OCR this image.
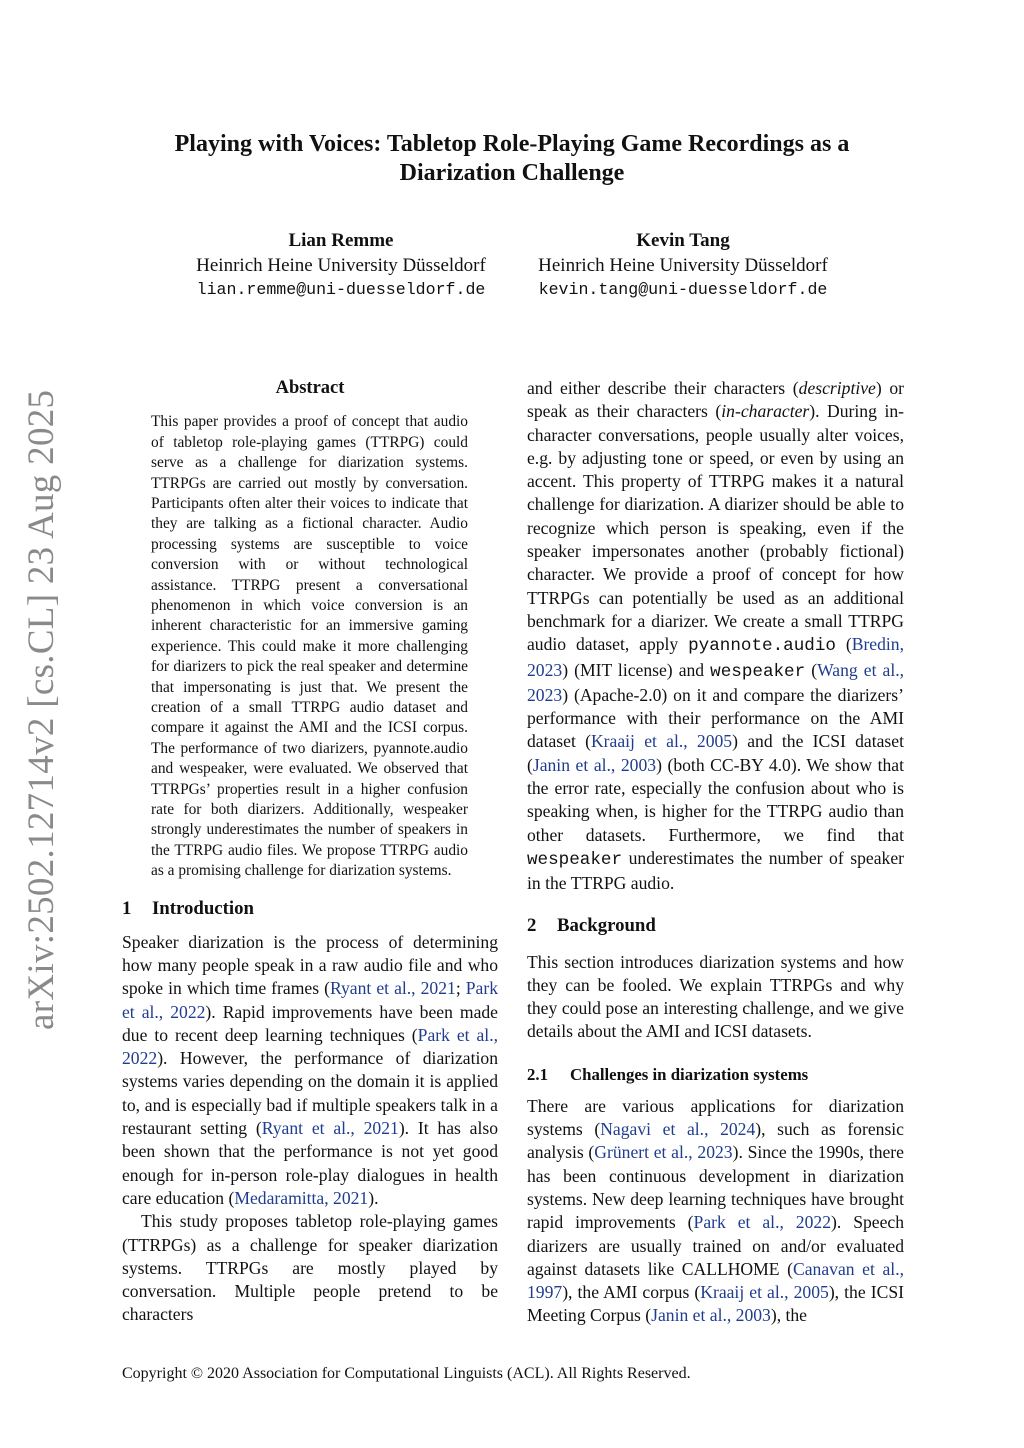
arXiv:2502.12714v2 [cs.CL] 23 Aug 2025
Playing with Voices: Tabletop Role-Playing Game Recordings as a Diarization Challenge
Lian Remme
Heinrich Heine University Düsseldorf
lian.remme@uni-duesseldorf.de
Kevin Tang
Heinrich Heine University Düsseldorf
kevin.tang@uni-duesseldorf.de
Abstract

This paper provides a proof of concept that audio of tabletop role-playing games (TTRPG) could serve as a challenge for diarization systems. TTRPGs are carried out mostly by conversation. Participants often alter their voices to indicate that they are talking as a fictional character. Audio processing systems are susceptible to voice conversion with or without technological assistance. TTRPG present a conversational phenomenon in which voice conversion is an inherent characteristic for an immersive gaming experience. This could make it more challenging for diarizers to pick the real speaker and determine that impersonating is just that. We present the creation of a small TTRPG audio dataset and compare it against the AMI and the ICSI corpus. The performance of two diarizers, pyannote.audio and wespeaker, were evaluated. We observed that TTRPGs’ properties result in a higher confusion rate for both diarizers. Additionally, wespeaker strongly underestimates the number of speakers in the TTRPG audio files. We propose TTRPG audio as a promising challenge for diarization systems.

1 Introduction

Speaker diarization is the process of determining how many people speak in a raw audio file and who spoke in which time frames (Ryant et al., 2021; Park et al., 2022). Rapid improvements have been made due to recent deep learning techniques (Park et al., 2022). However, the performance of diarization systems varies depending on the domain it is applied to, and is especially bad if multiple speakers talk in a restaurant setting (Ryant et al., 2021). It has also been shown that the performance is not yet good enough for in-person role-play dialogues in health care education (Medaramitta, 2021).

This study proposes tabletop role-playing games (TTRPGs) as a challenge for speaker diarization systems. TTRPGs are mostly played by conversation. Multiple people pretend to be characters

and either describe their characters (descriptive) or speak as their characters (in-character). During in-character conversations, people usually alter voices, e.g. by adjusting tone or speed, or even by using an accent. This property of TTRPG makes it a natural challenge for diarization. A diarizer should be able to recognize which person is speaking, even if the speaker impersonates another (probably fictional) character. We provide a proof of concept for how TTRPGs can potentially be used as an additional benchmark for a diarizer. We create a small TTRPG audio dataset, apply pyannote.audio (Bredin, 2023) (MIT license) and wespeaker (Wang et al., 2023) (Apache-2.0) on it and compare the diarizers’ performance with their performance on the AMI dataset (Kraaij et al., 2005) and the ICSI dataset (Janin et al., 2003) (both CC-BY 4.0). We show that the error rate, especially the confusion about who is speaking when, is higher for the TTRPG audio than other datasets. Furthermore, we find that wespeaker underestimates the number of speaker in the TTRPG audio.

2 Background

This section introduces diarization systems and how they can be fooled. We explain TTRPGs and why they could pose an interesting challenge, and we give details about the AMI and ICSI datasets.

2.1 Challenges in diarization systems

There are various applications for diarization systems (Nagavi et al., 2024), such as forensic analysis (Grünert et al., 2023). Since the 1990s, there has been continuous development in diarization systems. New deep learning techniques have brought rapid improvements (Park et al., 2022). Speech diarizers are usually trained on and/or evaluated against datasets like CALLHOME (Canavan et al., 1997), the AMI corpus (Kraaij et al., 2005), the ICSI Meeting Corpus (Janin et al., 2003), the

Copyright © 2020 Association for Computational Linguists (ACL). All Rights Reserved.
